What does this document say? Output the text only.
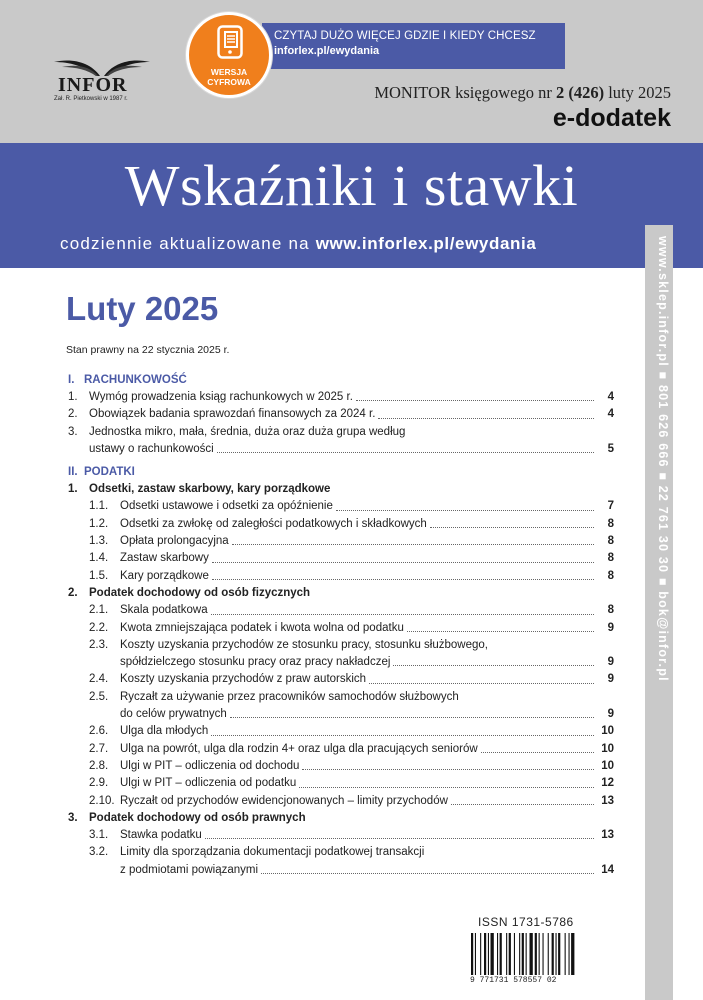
INFOR
Zał. R. Pietkowski w 1987 r.
CZYTAJ DUŻO WIĘCEJ GDZIE I KIEDY CHCESZ
inforlex.pl/ewydania
WERSJA
CYFROWA
MONITOR księgowego nr 2 (426) luty 2025
e-dodatek
Wskaźniki i stawki
codziennie aktualizowane na www.inforlex.pl/ewydania	www.sklep.infor.pl ■ 801 626 666 ■ 22 761 30 30 ■ bok@infor.pl
Luty 2025
Stan prawny na 22 stycznia 2025 r.
I.   RACHUNKOWOŚĆ
1. Wymóg prowadzenia ksiąg rachunkowych w 2025 r.	4
2. Obowiązek badania sprawozdań finansowych za 2024 r.	4
3. Jednostka mikro, mała, średnia, duża oraz duża grupa według
ustawy o rachunkowości	5
II.  PODATKI
1. Odsetki, zastaw skarbowy, kary porządkowe
1.1.	Odsetki ustawowe i odsetki za opóźnienie	7
1.2.	Odsetki za zwłokę od zaległości podatkowych i składkowych	8
1.3.	Opłata prolongacyjna	8
1.4.	Zastaw skarbowy	8
1.5.	Kary porządkowe	8
2. Podatek dochodowy od osób fizycznych
2.1.	Skala podatkowa	8
2.2.	Kwota zmniejszająca podatek i kwota wolna od podatku	9
2.3.	Koszty uzyskania przychodów ze stosunku pracy, stosunku służbowego,
spółdzielczego stosunku pracy oraz pracy nakładczej	9
2.4.	Koszty uzyskania przychodów z praw autorskich	9
2.5.	Ryczałt za używanie przez pracowników samochodów służbowych
do celów prywatnych	9
2.6.	Ulga dla młodych	10
2.7.	Ulga na powrót, ulga dla rodzin 4+ oraz ulga dla pracujących seniorów	10
2.8.	Ulgi w PIT – odliczenia od dochodu	10
2.9.	Ulgi w PIT – odliczenia od podatku	12
2.10. Ryczałt od przychodów ewidencjonowanych – limity przychodów	13
3. Podatek dochodowy od osób prawnych
3.1.	Stawka podatku	13
3.2.	Limity dla sporządzania dokumentacji podatkowej transakcji
z podmiotami powiązanymi	14
ISSN 1731-5786
9 771731 578557 02
